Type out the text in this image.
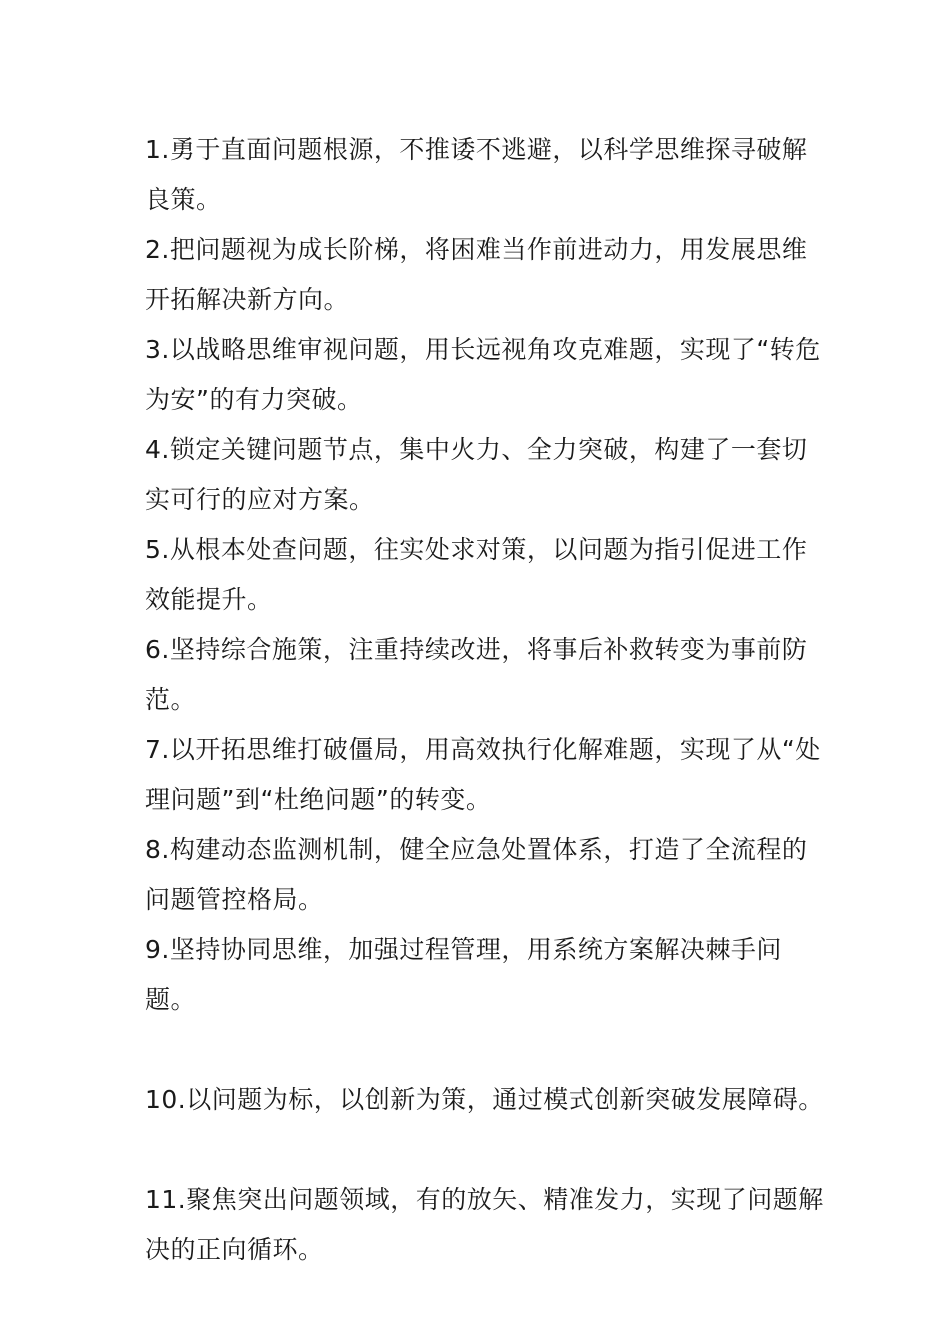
1.勇于直面问题根源，不推诿不逃避，以科学思维探寻破解良策。

2.把问题视为成长阶梯，将困难当作前进动力，用发展思维开拓解决新方向。

3.以战略思维审视问题，用长远视角攻克难题，实现了“转危为安”的有力突破。

4.锁定关键问题节点，集中火力、全力突破，构建了一套切实可行的应对方案。

5.从根本处查问题，往实处求对策，以问题为指引促进工作效能提升。

6.坚持综合施策，注重持续改进，将事后补救转变为事前防范。

7.以开拓思维打破僵局，用高效执行化解难题，实现了从“处理问题”到“杜绝问题”的转变。

8.构建动态监测机制，健全应急处置体系，打造了全流程的问题管控格局。

9.坚持协同思维，加强过程管理，用系统方案解决棘手问题。

10.以问题为标，以创新为策，通过模式创新突破发展障碍。

11.聚焦突出问题领域，有的放矢、精准发力，实现了问题解决的正向循环。
